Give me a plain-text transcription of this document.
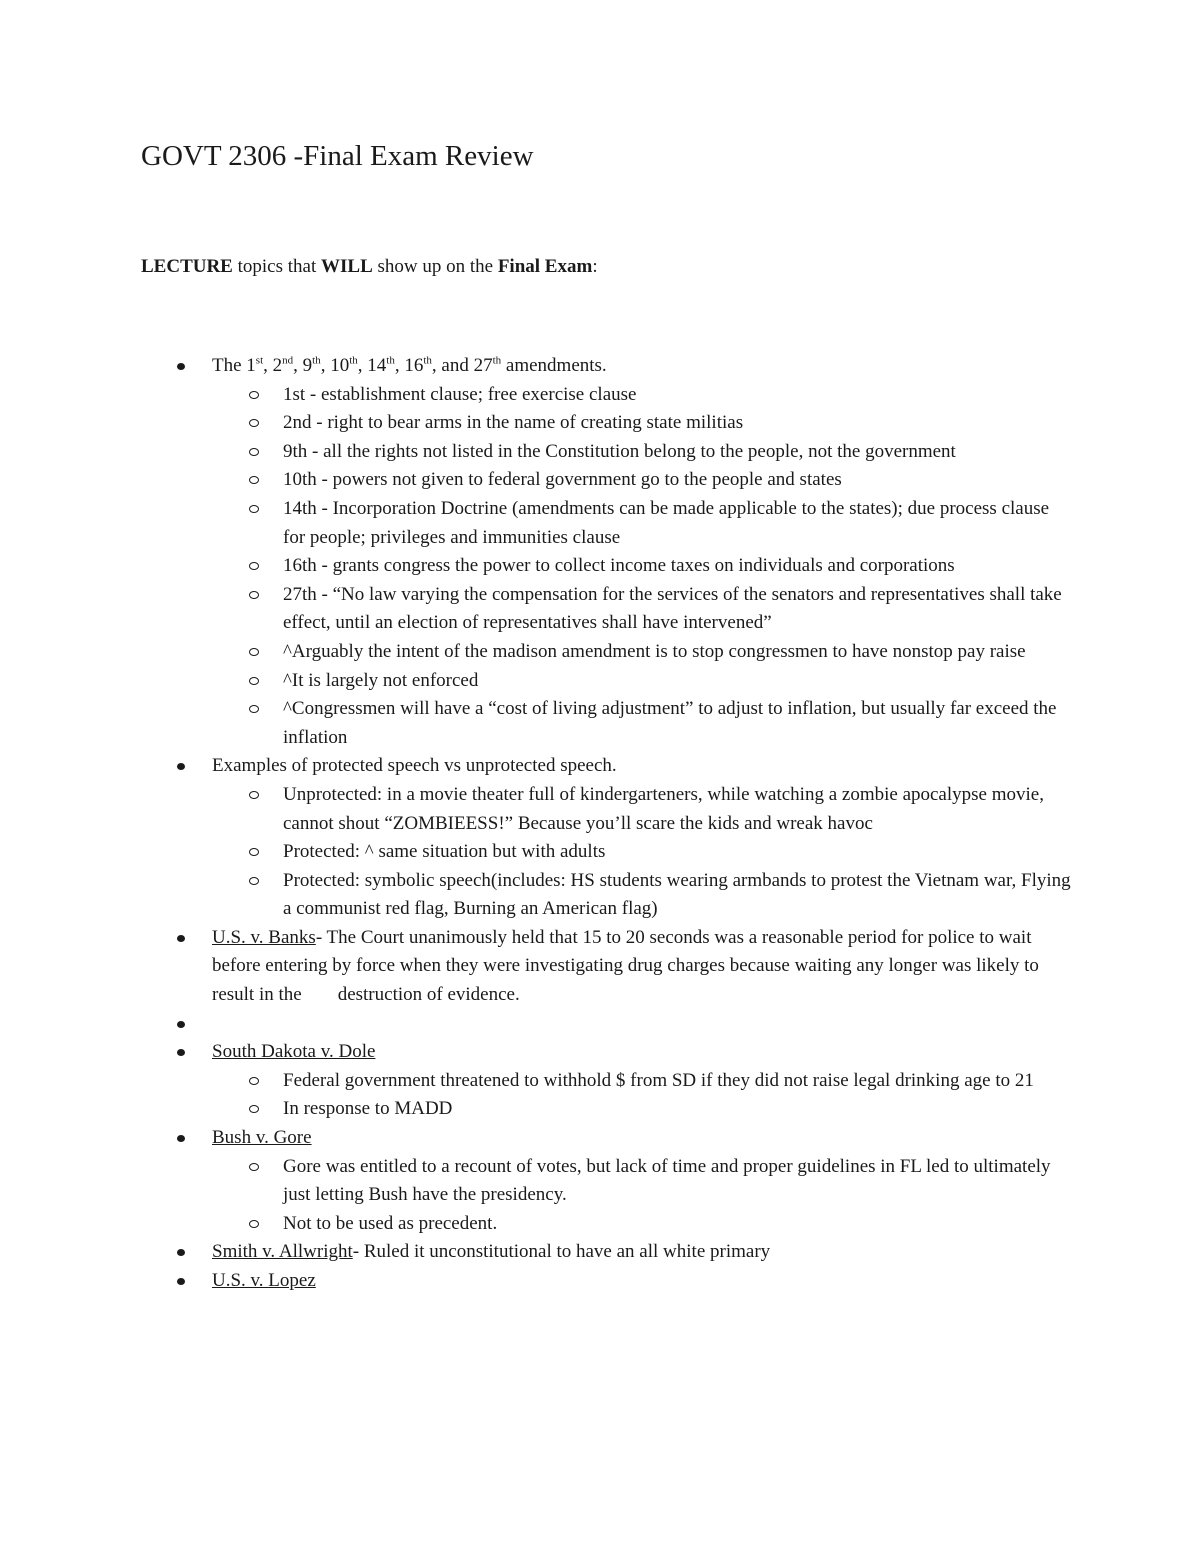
GOVT 2306 -Final Exam Review
LECTURE topics that WILL show up on the Final Exam:
The 1st, 2nd, 9th, 10th, 14th, 16th, and 27th amendments.
1st - establishment clause; free exercise clause
2nd - right to bear arms in the name of creating state militias
9th - all the rights not listed in the Constitution belong to the people, not the government
10th - powers not given to federal government go to the people and states
14th - Incorporation Doctrine (amendments can be made applicable to the states); due process clause for people; privileges and immunities clause
16th - grants congress the power to collect income taxes on individuals and corporations
27th - “No law varying the compensation for the services of the senators and representatives shall take effect, until an election of representatives shall have intervened”
^Arguably the intent of the madison amendment is to stop congressmen to have nonstop pay raise
^It is largely not enforced
^Congressmen will have a “cost of living adjustment” to adjust to inflation, but usually far exceed the inflation
Examples of protected speech vs unprotected speech.
Unprotected: in a movie theater full of kindergarteners, while watching a zombie apocalypse movie, cannot shout “ZOMBIEESS!” Because you’ll scare the kids and wreak havoc
Protected: ^ same situation but with adults
Protected: symbolic speech(includes: HS students wearing armbands to protest the Vietnam war, Flying a communist red flag, Burning an American flag)
U.S. v. Banks- The Court unanimously held that 15 to 20 seconds was a reasonable period for police to wait before entering by force when they were investigating drug charges because waiting any longer was likely to result in the destruction of evidence.

South Dakota v. Dole
Federal government threatened to withhold $ from SD if they did not raise legal drinking age to 21
In response to MADD
Bush v. Gore
Gore was entitled to a recount of votes, but lack of time and proper guidelines in FL led to ultimately just letting Bush have the presidency.
Not to be used as precedent.
Smith v. Allwright- Ruled it unconstitutional to have an all white primary
U.S. v. Lopez
